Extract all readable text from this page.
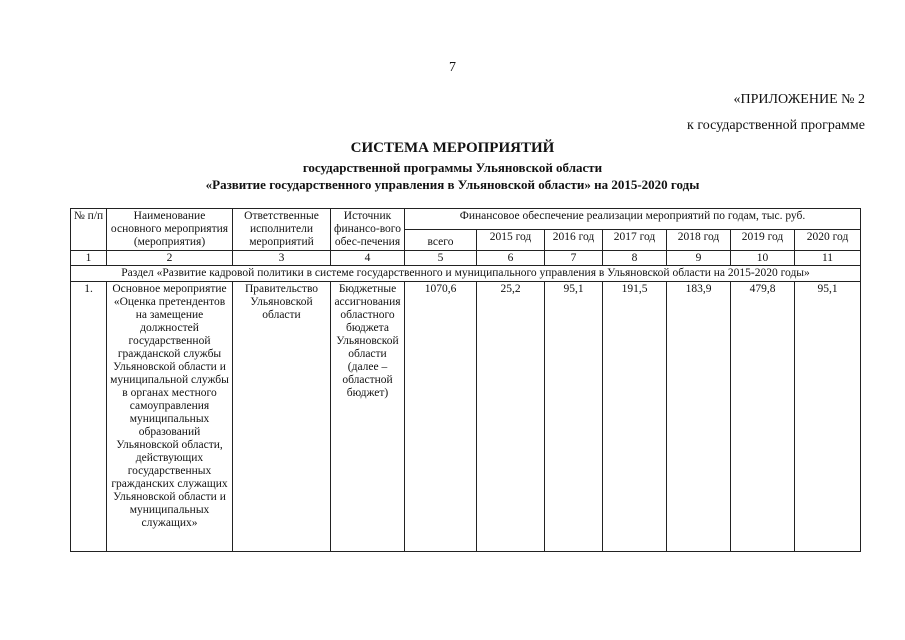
7
«ПРИЛОЖЕНИЕ № 2
к государственной программе
СИСТЕМА МЕРОПРИЯТИЙ
государственной программы Ульяновской области
«Развитие государственного управления в Ульяновской области» на 2015-2020 годы
№ п/п	Наименование основного мероприятия (мероприятия)	Ответственные исполнители мероприятий	Источник финансо-вого обес-печения	Финансовое обеспечение реализации мероприятий по годам, тыс. руб.						
				всего	2015 год	2016 год	2017 год	2018 год	2019 год	2020 год
1	2	3	4	5	6	7	8	9	10	11
Раздел «Развитие кадровой политики в системе государственного и муниципального управления в Ульяновской области на 2015-2020 годы»										
1.	Основное мероприятие «Оценка претендентов на замещение должностей государственной гражданской службы Ульяновской области и муниципальной службы в органах местного самоуправления муниципальных образований Ульяновской области, действующих государственных гражданских служащих Ульяновской области и муниципальных служащих»	Правительство Ульяновской области	Бюджетные ассигнования областного бюджета Ульяновской области (далее – областной бюджет)	1070,6	25,2	95,1	191,5	183,9	479,8	95,1
